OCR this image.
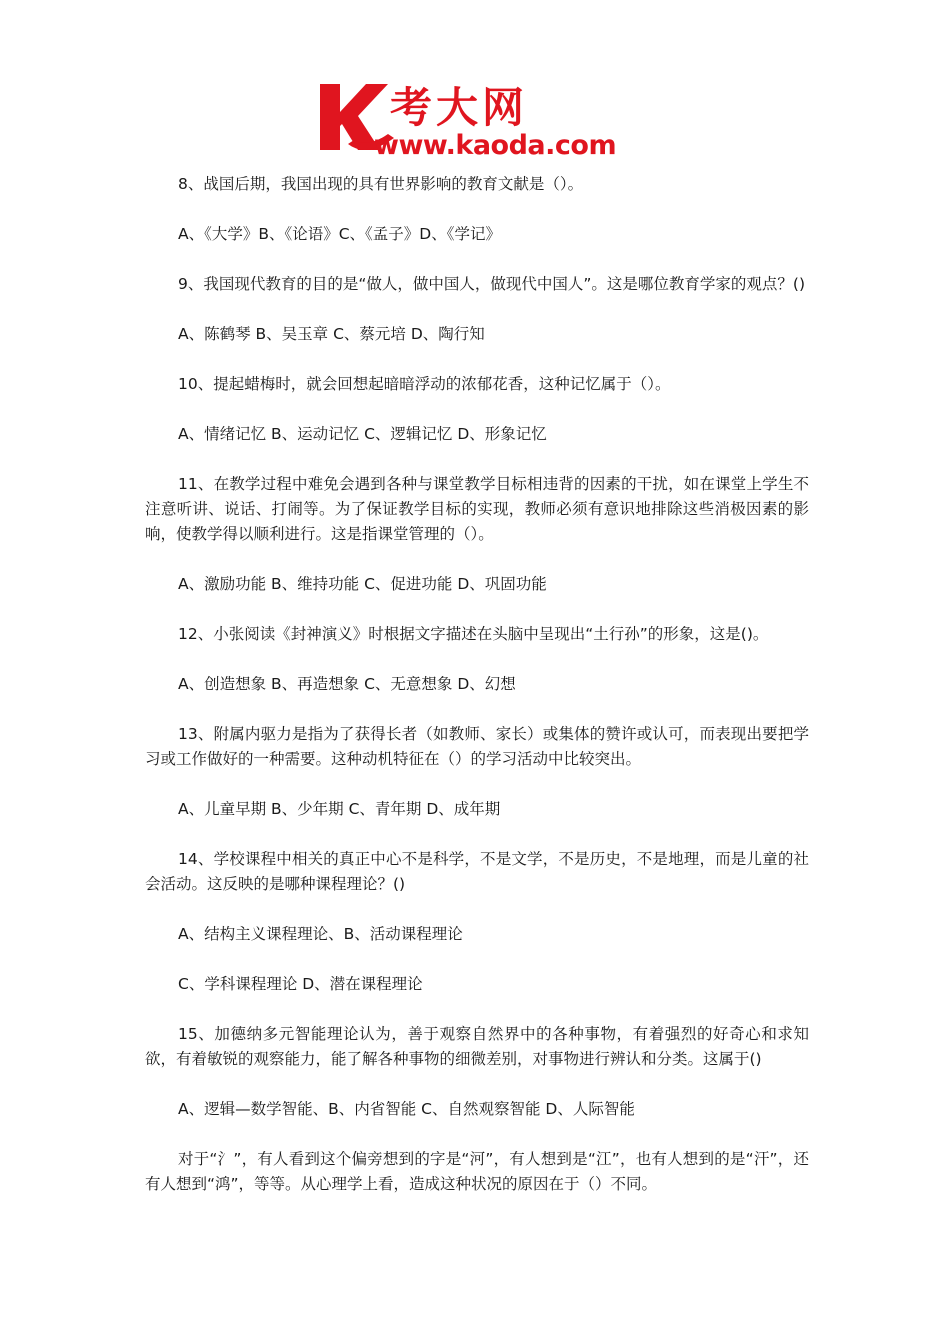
考大网
www.kaoda.com

8、战国后期，我国出现的具有世界影响的教育文献是（）。

A、《大学》B、《论语》C、《孟子》D、《学记》

9、我国现代教育的目的是“做人，做中国人，做现代中国人”。这是哪位教育学家的观点？()

A、陈鹤琴 B、吴玉章 C、蔡元培 D、陶行知

10、提起蜡梅时，就会回想起暗暗浮动的浓郁花香，这种记忆属于（）。

A、情绪记忆 B、运动记忆 C、逻辑记忆 D、形象记忆

11、在教学过程中难免会遇到各种与课堂教学目标相违背的因素的干扰，如在课堂上学生不注意听讲、说话、打闹等。为了保证教学目标的实现，教师必须有意识地排除这些消极因素的影响，使教学得以顺利进行。这是指课堂管理的（）。

A、激励功能 B、维持功能 C、促进功能 D、巩固功能

12、小张阅读《封神演义》时根据文字描述在头脑中呈现出“土行孙”的形象，这是()。

A、创造想象 B、再造想象 C、无意想象 D、幻想

13、附属内驱力是指为了获得长者（如教师、家长）或集体的赞许或认可，而表现出要把学习或工作做好的一种需要。这种动机特征在（）的学习活动中比较突出。

A、儿童早期 B、少年期 C、青年期 D、成年期

14、学校课程中相关的真正中心不是科学，不是文学，不是历史，不是地理，而是儿童的社会活动。这反映的是哪种课程理论？()

A、结构主义课程理论、B、活动课程理论

C、学科课程理论 D、潜在课程理论

15、加德纳多元智能理论认为，善于观察自然界中的各种事物，有着强烈的好奇心和求知欲，有着敏锐的观察能力，能了解各种事物的细微差别，对事物进行辨认和分类。这属于()

A、逻辑—数学智能、B、内省智能 C、自然观察智能 D、人际智能

对于“氵”，有人看到这个偏旁想到的字是“河”，有人想到是“江”，也有人想到的是“汗”，还有人想到“鸿”，等等。从心理学上看，造成这种状况的原因在于（）不同。
